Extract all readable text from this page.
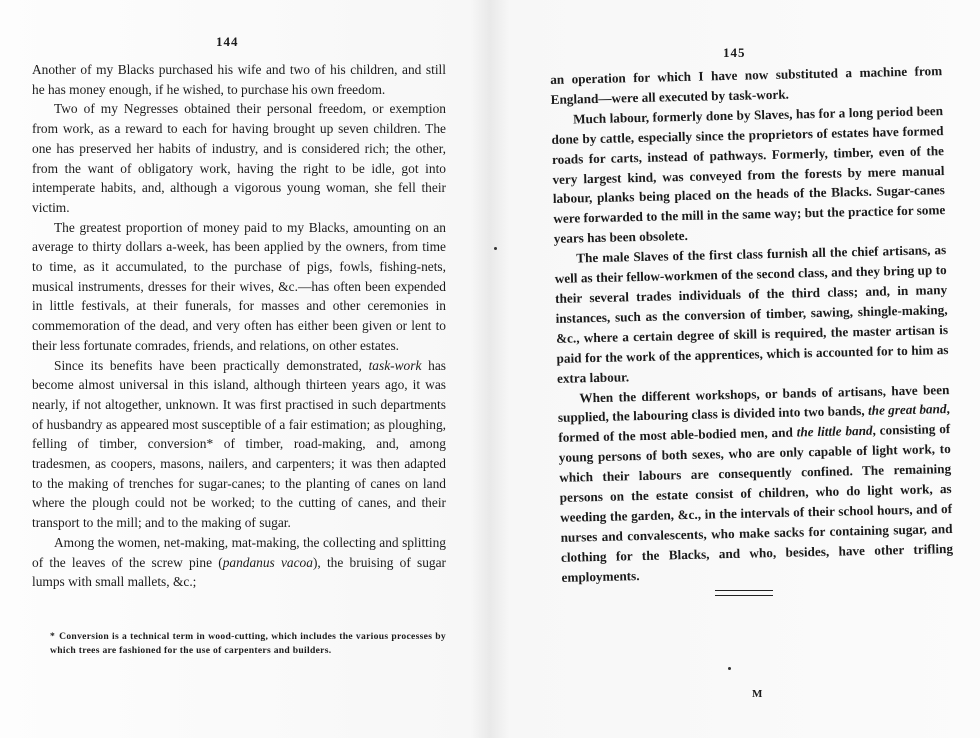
144

Another of my Blacks purchased his wife and two of his children, and still he has money enough, if he wished, to purchase his own freedom.

Two of my Negresses obtained their personal freedom, or exemption from work, as a reward to each for having brought up seven children. The one has preserved her habits of industry, and is considered rich; the other, from the want of obligatory work, having the right to be idle, got into intemperate habits, and, although a vigorous young woman, she fell their victim.

The greatest proportion of money paid to my Blacks, amounting on an average to thirty dollars a-week, has been applied by the owners, from time to time, as it accumulated, to the purchase of pigs, fowls, fishing-nets, musical instruments, dresses for their wives, &c.—has often been expended in little festivals, at their funerals, for masses and other ceremonies in commemoration of the dead, and very often has either been given or lent to their less fortunate comrades, friends, and relations, on other estates.

Since its benefits have been practically demonstrated, task-work has become almost universal in this island, although thirteen years ago, it was nearly, if not altogether, unknown. It was first practised in such departments of husbandry as appeared most susceptible of a fair estimation; as ploughing, felling of timber, conversion* of timber, road-making, and, among tradesmen, as coopers, masons, nailers, and carpenters; it was then adapted to the making of trenches for sugar-canes; to the planting of canes on land where the plough could not be worked; to the cutting of canes, and their transport to the mill; and to the making of sugar.

Among the women, net-making, mat-making, the collecting and splitting of the leaves of the screw pine (pandanus vacoa), the bruising of sugar lumps with small mallets, &c.;

* Conversion is a technical term in wood-cutting, which includes the various processes by which trees are fashioned for the use of carpenters and builders.
145

an operation for which I have now substituted a machine from England—were all executed by task-work.

Much labour, formerly done by Slaves, has for a long period been done by cattle, especially since the proprietors of estates have formed roads for carts, instead of pathways. Formerly, timber, even of the very largest kind, was conveyed from the forests by mere manual labour, planks being placed on the heads of the Blacks. Sugar-canes were forwarded to the mill in the same way; but the practice for some years has been obsolete.

The male Slaves of the first class furnish all the chief artisans, as well as their fellow-workmen of the second class, and they bring up to their several trades individuals of the third class; and, in many instances, such as the conversion of timber, sawing, shingle-making, &c., where a certain degree of skill is required, the master artisan is paid for the work of the apprentices, which is accounted for to him as extra labour.

When the different workshops, or bands of artisans, have been supplied, the labouring class is divided into two bands, the great band, formed of the most able-bodied men, and the little band, consisting of young persons of both sexes, who are only capable of light work, to which their labours are consequently confined. The remaining persons on the estate consist of children, who do light work, as weeding the garden, &c., in the intervals of their school hours, and of nurses and convalescents, who make sacks for containing sugar, and clothing for the Blacks, and who, besides, have other trifling employments.

M
